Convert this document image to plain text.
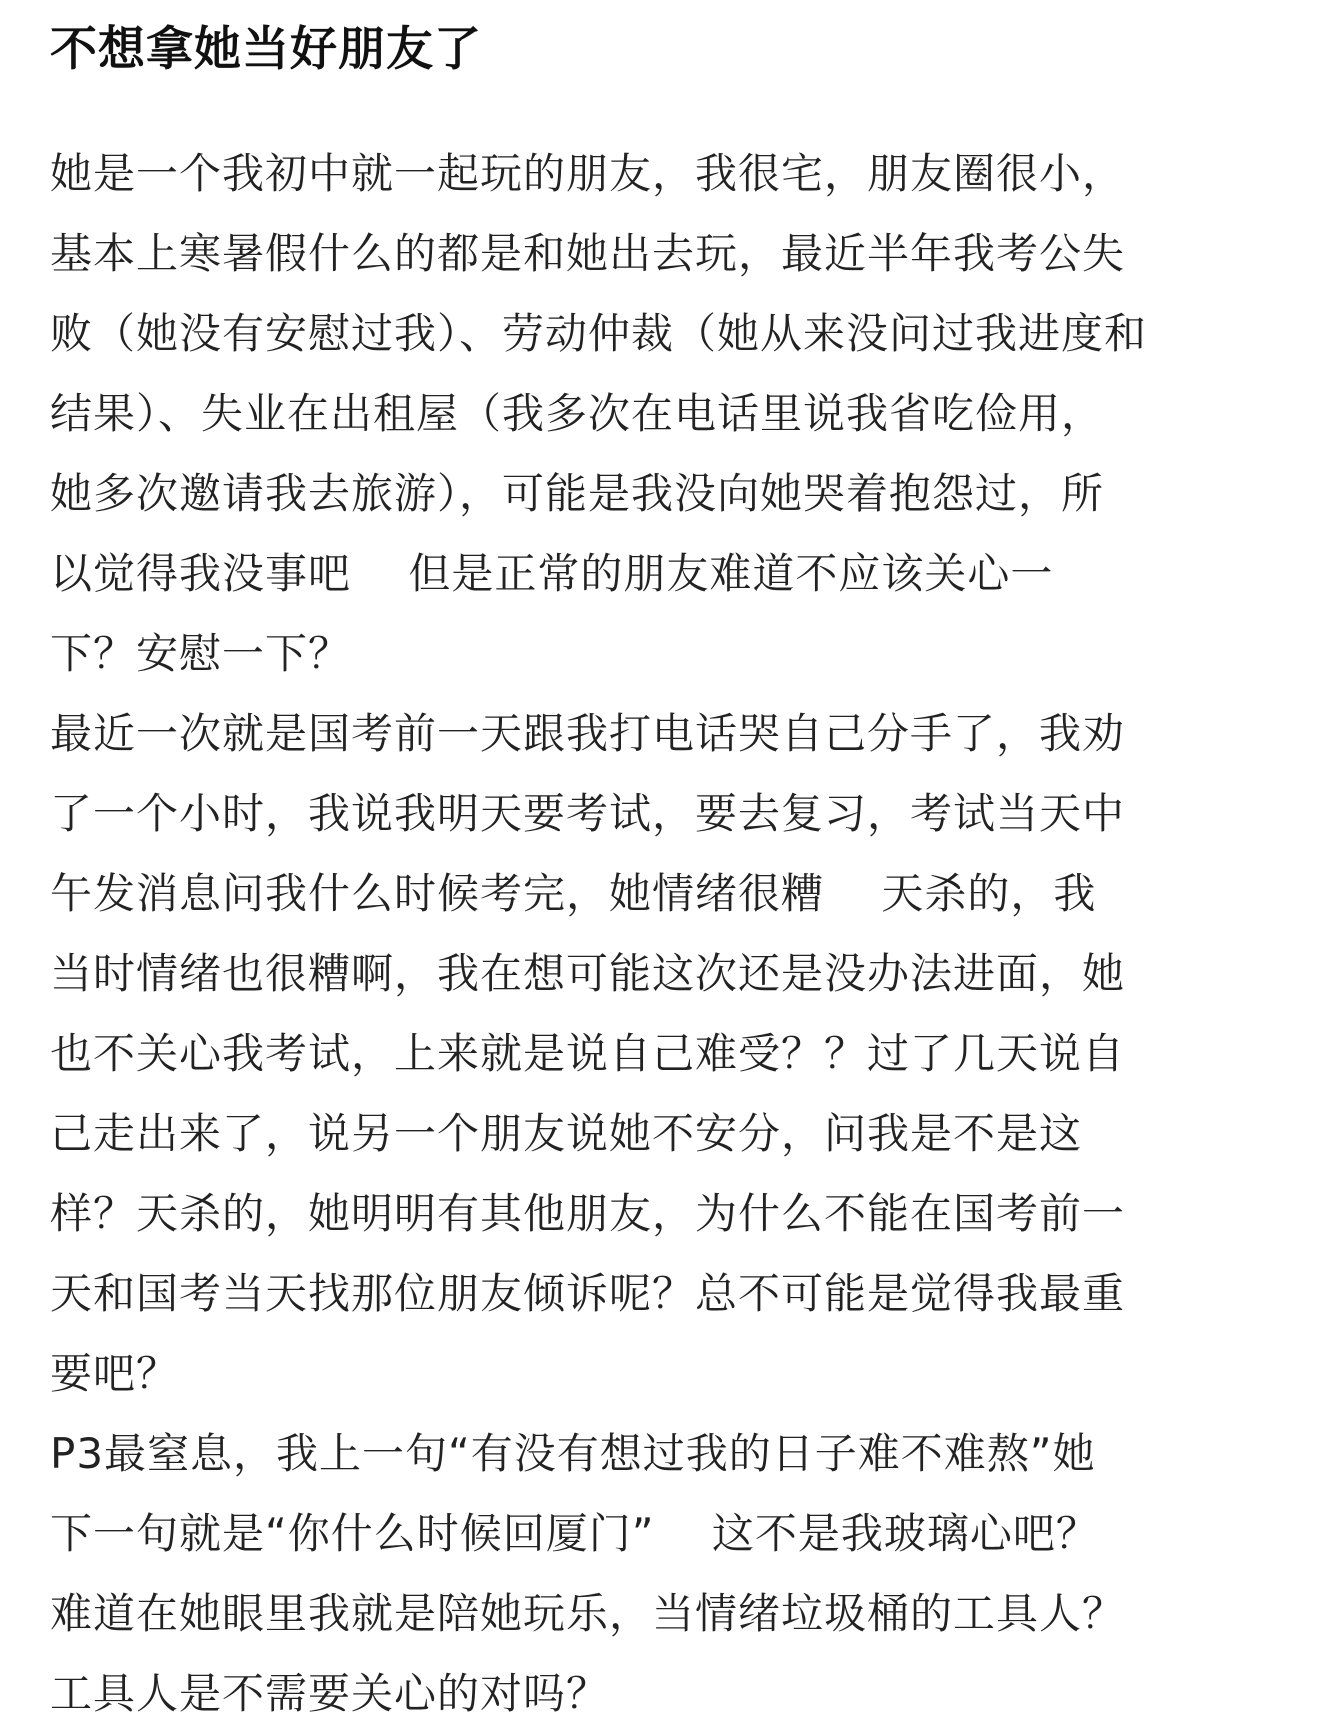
不想拿她当好朋友了
她是一个我初中就一起玩的朋友，我很宅，朋友圈很小，
基本上寒暑假什么的都是和她出去玩，最近半年我考公失
败（她没有安慰过我）、劳动仲裁（她从来没问过我进度和
结果）、失业在出租屋（我多次在电话里说我省吃俭用，
她多次邀请我去旅游），可能是我没向她哭着抱怨过，所
以觉得我没事吧    但是正常的朋友难道不应该关心一
下？安慰一下？
最近一次就是国考前一天跟我打电话哭自己分手了，我劝
了一个小时，我说我明天要考试，要去复习，考试当天中
午发消息问我什么时候考完，她情绪很糟    天杀的，我
当时情绪也很糟啊，我在想可能这次还是没办法进面，她
也不关心我考试，上来就是说自己难受？？过了几天说自
己走出来了，说另一个朋友说她不安分，问我是不是这
样？天杀的，她明明有其他朋友，为什么不能在国考前一
天和国考当天找那位朋友倾诉呢？总不可能是觉得我最重
要吧？
P3最窒息，我上一句“有没有想过我的日子难不难熬”她
下一句就是“你什么时候回厦门”    这不是我玻璃心吧？
难道在她眼里我就是陪她玩乐，当情绪垃圾桶的工具人？
工具人是不需要关心的对吗？
